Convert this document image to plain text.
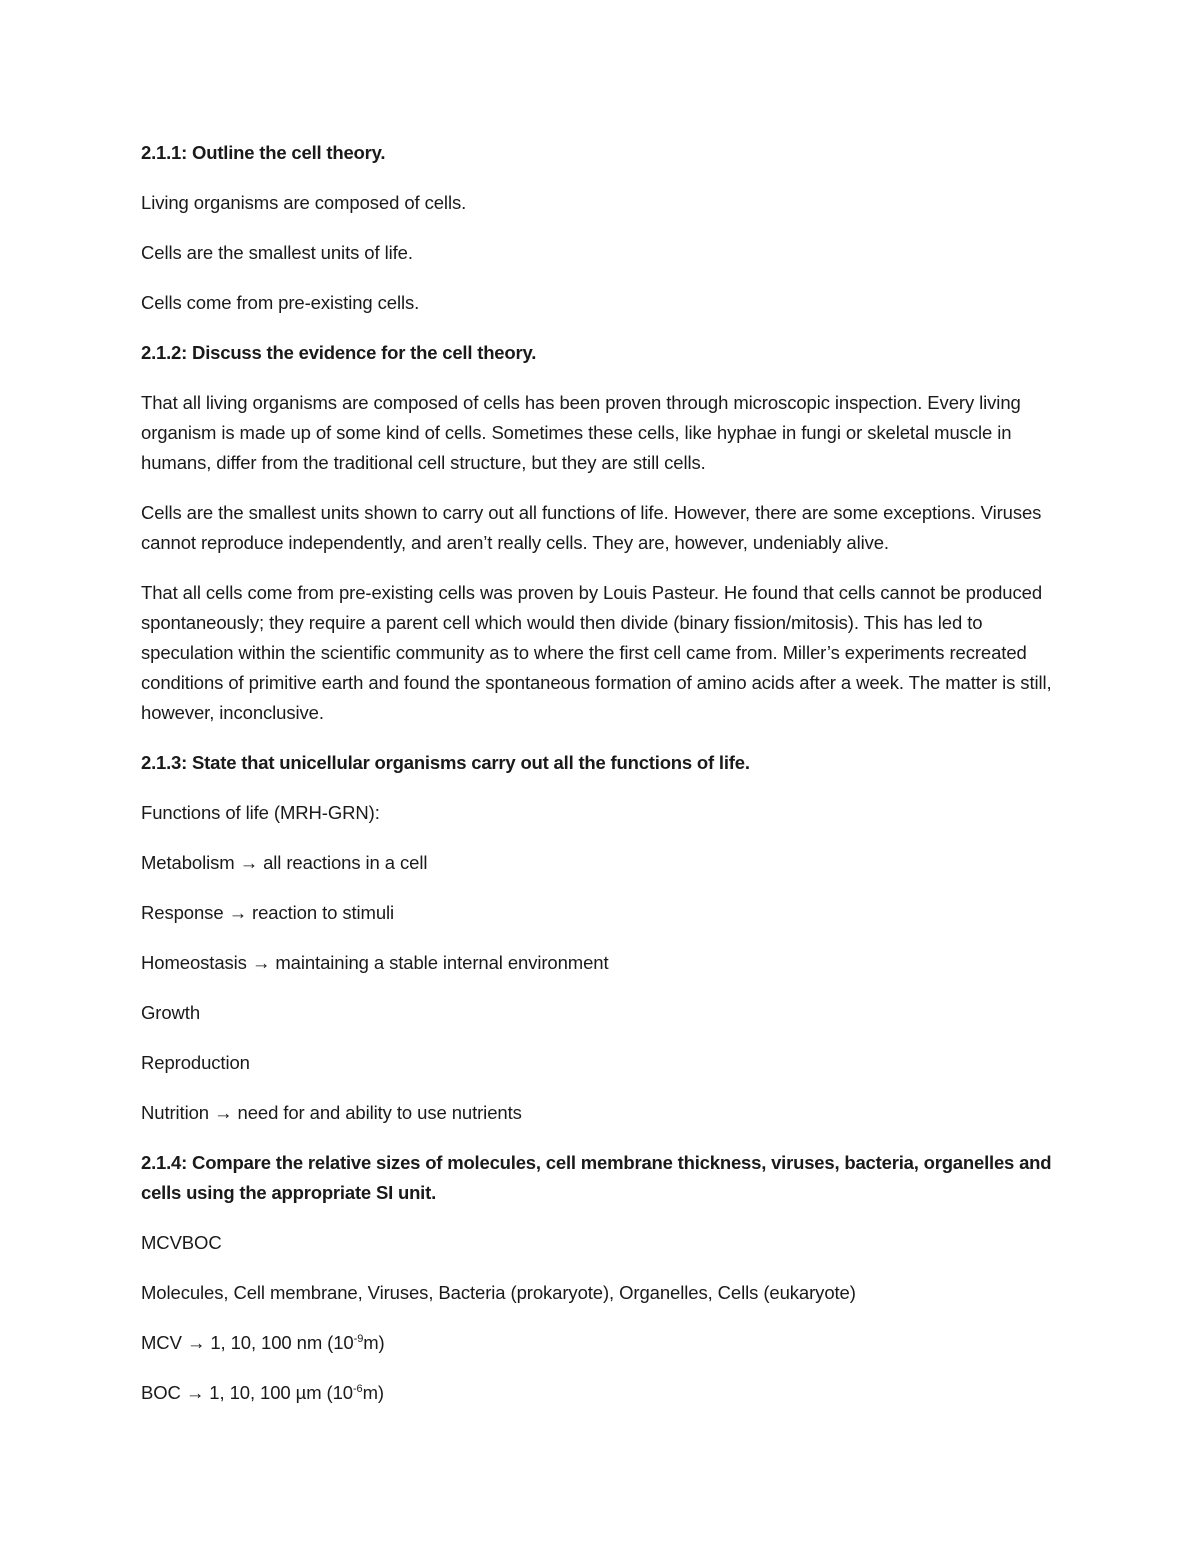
2.1.1: Outline the cell theory.
Living organisms are composed of cells.
Cells are the smallest units of life.
Cells come from pre-existing cells.
2.1.2: Discuss the evidence for the cell theory.
That all living organisms are composed of cells has been proven through microscopic inspection. Every living organism is made up of some kind of cells. Sometimes these cells, like hyphae in fungi or skeletal muscle in humans, differ from the traditional cell structure, but they are still cells.
Cells are the smallest units shown to carry out all functions of life. However, there are some exceptions. Viruses cannot reproduce independently, and aren’t really cells. They are, however, undeniably alive.
That all cells come from pre-existing cells was proven by Louis Pasteur. He found that cells cannot be produced spontaneously; they require a parent cell which would then divide (binary fission/mitosis). This has led to speculation within the scientific community as to where the first cell came from. Miller’s experiments recreated conditions of primitive earth and found the spontaneous formation of amino acids after a week. The matter is still, however, inconclusive.
2.1.3: State that unicellular organisms carry out all the functions of life.
Functions of life (MRH-GRN):
Metabolism → all reactions in a cell
Response → reaction to stimuli
Homeostasis → maintaining a stable internal environment
Growth
Reproduction
Nutrition → need for and ability to use nutrients
2.1.4: Compare the relative sizes of molecules, cell membrane thickness, viruses, bacteria, organelles and cells using the appropriate SI unit.
MCVBOC
Molecules, Cell membrane, Viruses, Bacteria (prokaryote), Organelles, Cells (eukaryote)
MCV → 1, 10, 100 nm $(10^{-9}m)$
BOC → 1, 10, 100 µm $(10^{-6}m)$
